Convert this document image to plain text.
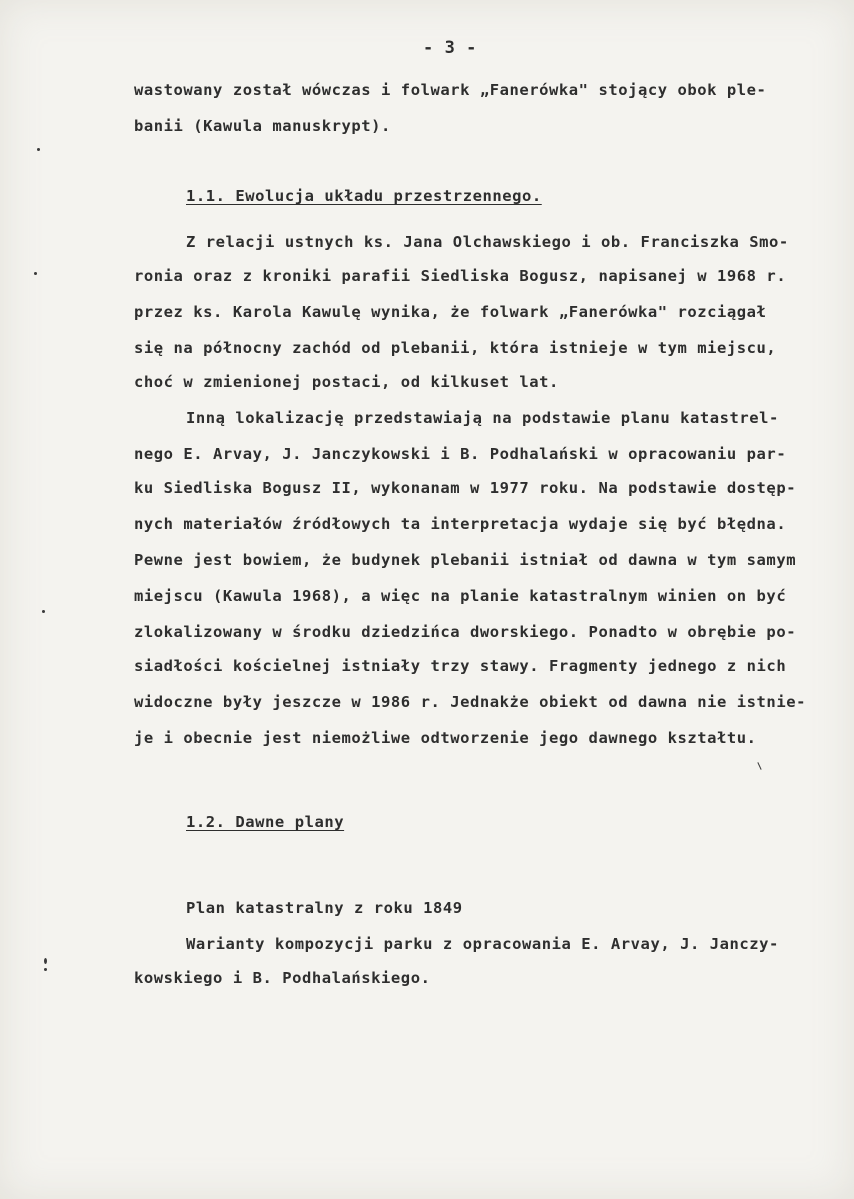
- 3 -
wastowany został wówczas i folwark „Fanerówka" stojący obok ple-
banii (Kawula manuskrypt).
1.1. Ewolucja układu przestrzennego.
Z relacji ustnych ks. Jana Olchawskiego i ob. Franciszka Smo-
ronia oraz z kroniki parafii Siedliska Bogusz, napisanej w 1968 r.
przez ks. Karola Kawulę wynika, że folwark „Fanerówka" rozciągał
się na północny zachód od plebanii, która istnieje w tym miejscu,
choć w zmienionej postaci, od kilkuset lat.
Inną lokalizację przedstawiają na podstawie planu katastrel-
nego E. Arvay, J. Janczykowski i B. Podhalański w opracowaniu par-
ku Siedliska Bogusz II, wykonanam w 1977 roku. Na podstawie dostęp-
nych materiałów źródłowych ta interpretacja wydaje się być błędna.
Pewne jest bowiem, że budynek plebanii istniał od dawna w tym samym
miejscu (Kawula 1968), a więc na planie katastralnym winien on być
zlokalizowany w środku dziedzińca dworskiego. Ponadto w obrębie po-
siadłości kościelnej istniały trzy stawy. Fragmenty jednego z nich
widoczne były jeszcze w 1986 r. Jednakże obiekt od dawna nie istnie-
je i obecnie jest niemożliwe odtworzenie jego dawnego kształtu.
1.2. Dawne plany
Plan katastralny z roku 1849
Warianty kompozycji parku z opracowania E. Arvay, J. Janczy-
kowskiego i B. Podhalańskiego.
